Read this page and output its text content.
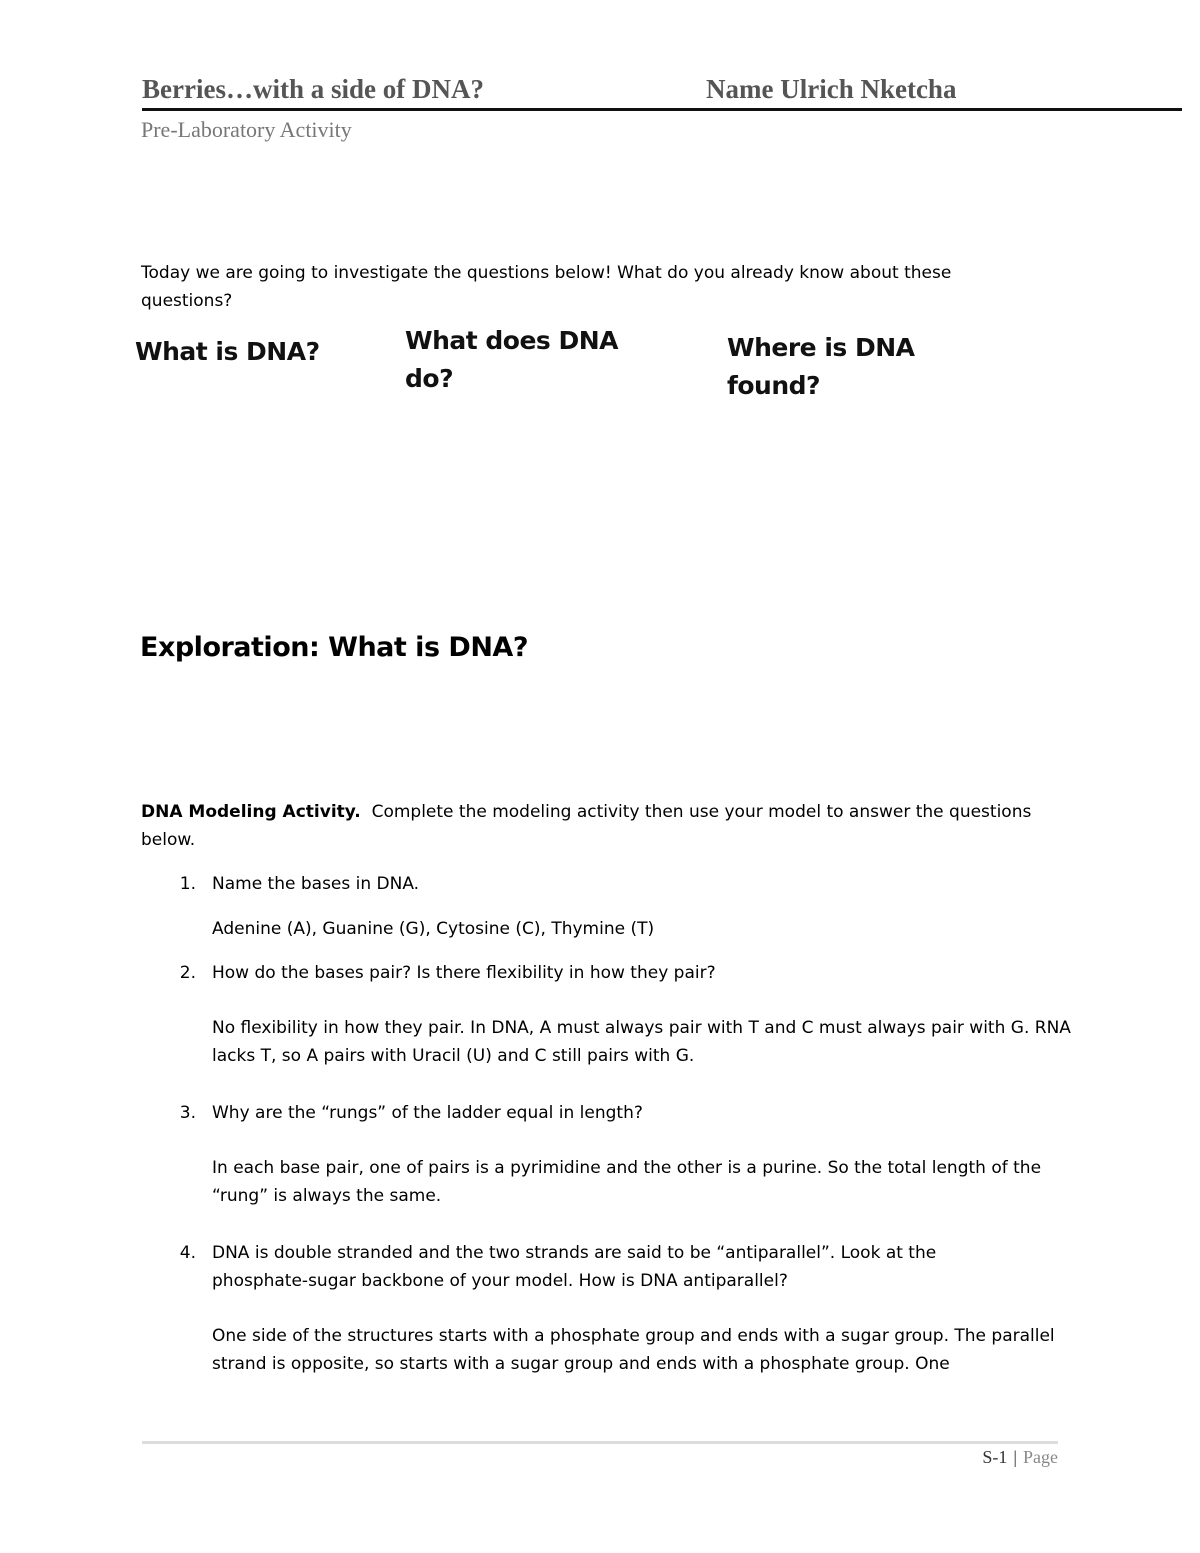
Berries…with a side of DNA?	Name Ulrich Nketcha
Pre-Laboratory Activity
Today we are going to investigate the questions below! What do you already know about these questions?
What is DNA?	What does DNA do?
Where is DNA found?
Exploration: What is DNA?
DNA Modeling Activity. Complete the modeling activity then use your model to answer the questions below.
1. Name the bases in DNA.
Adenine (A), Guanine (G), Cytosine (C), Thymine (T)
2. How do the bases pair? Is there flexibility in how they pair?
No flexibility in how they pair. In DNA, A must always pair with T and C must always pair with G. RNA lacks T, so A pairs with Uracil (U) and C still pairs with G.
3. Why are the “rungs” of the ladder equal in length?
In each base pair, one of pairs is a pyrimidine and the other is a purine. So the total length of the “rung” is always the same.
4. DNA is double stranded and the two strands are said to be “antiparallel”. Look at the phosphate-sugar backbone of your model. How is DNA antiparallel?
One side of the structures starts with a phosphate group and ends with a sugar group. The parallel strand is opposite, so starts with a sugar group and ends with a phosphate group. One
S-1 | Page
